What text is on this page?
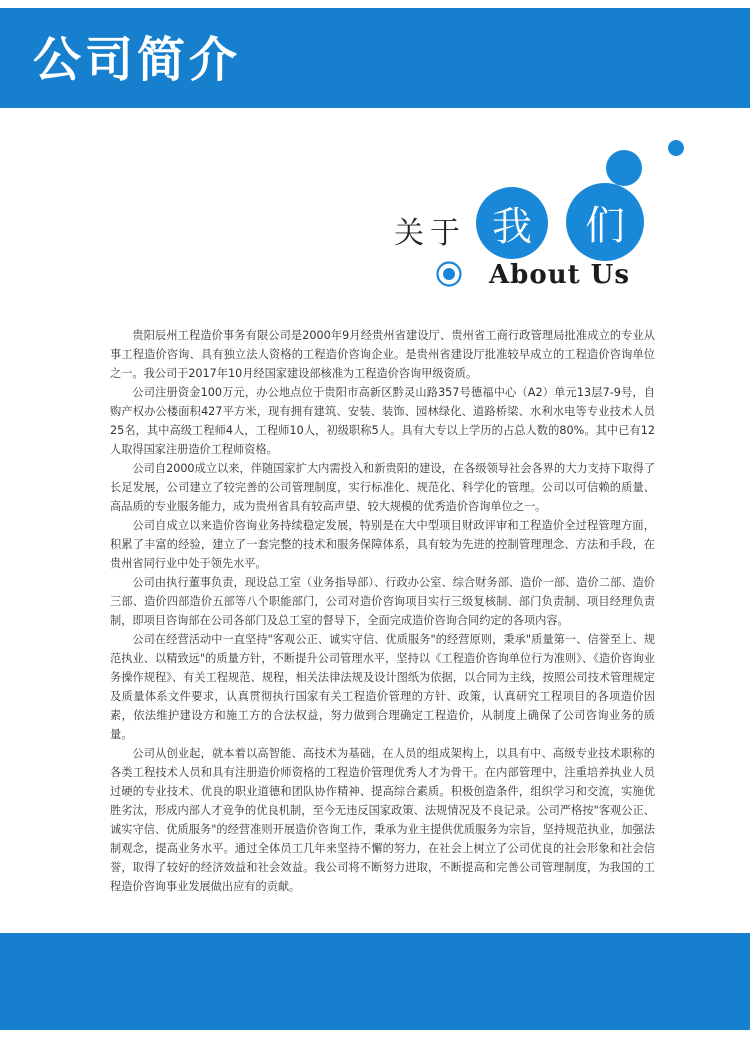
公司简介
关于 我	们
About Us

贵阳辰州工程造价事务有限公司是2000年9月经贵州省建设厅、贵州省工商行政管理局批准成立的专业从事工程造价咨询、具有独立法人资格的工程造价咨询企业。是贵州省建设厅批准较早成立的工程造价咨询单位之一。我公司于2017年10月经国家建设部核准为工程造价咨询甲级资质。

公司注册资金100万元，办公地点位于贵阳市高新区黔灵山路357号德福中心（A2）单元13层7-9号，自购产权办公楼面积427平方米，现有拥有建筑、安装、装饰、园林绿化、道路桥梁、水利水电等专业技术人员25名，其中高级工程师4人，工程师10人，初级职称5人。具有大专以上学历的占总人数的80%。其中已有12人取得国家注册造价工程师资格。

公司自2000成立以来，伴随国家扩大内需投入和新贵阳的建设，在各级领导社会各界的大力支持下取得了长足发展，公司建立了较完善的公司管理制度，实行标准化、规范化、科学化的管理。公司以可信赖的质量、高品质的专业服务能力，成为贵州省具有较高声望、较大规模的优秀造价咨询单位之一。

公司自成立以来造价咨询业务持续稳定发展，特别是在大中型项目财政评审和工程造价全过程管理方面，积累了丰富的经验，建立了一套完整的技术和服务保障体系，具有较为先进的控制管理理念、方法和手段，在贵州省同行业中处于领先水平。

公司由执行董事负责，现设总工室（业务指导部）、行政办公室、综合财务部、造价一部、造价二部、造价三部、造价四部造价五部等八个职能部门，公司对造价咨询项目实行三级复核制、部门负责制、项目经理负责制，即项目咨询部在公司各部门及总工室的督导下，全面完成造价咨询合同约定的各项内容。

公司在经营活动中一直坚持"客观公正、诚实守信、优质服务"的经营原则，秉承"质量第一、信誉至上、规范执业、以精致远"的质量方针，不断提升公司管理水平，坚持以《工程造价咨询单位行为准则》、《造价咨询业务操作规程》、有关工程规范、规程，相关法律法规及设计图纸为依据，以合同为主线，按照公司技术管理规定及质量体系文件要求，认真贯彻执行国家有关工程造价管理的方针、政策，认真研究工程项目的各项造价因素，依法维护建设方和施工方的合法权益，努力做到合理确定工程造价，从制度上确保了公司咨询业务的质量。

公司从创业起，就本着以高智能、高技术为基础，在人员的组成架构上，以具有中、高级专业技术职称的各类工程技术人员和具有注册造价师资格的工程造价管理优秀人才为骨干。在内部管理中，注重培养执业人员过硬的专业技术、优良的职业道德和团队协作精神、提高综合素质。积极创造条件，组织学习和交流，实施优胜劣汰，形成内部人才竞争的优良机制，至今无违反国家政策、法规情况及不良记录。公司严格按"客观公正、诚实守信、优质服务"的经营准则开展造价咨询工作，秉承为业主提供优质服务为宗旨，坚持规范执业，加强法制观念，提高业务水平。通过全体员工几年来坚持不懈的努力，在社会上树立了公司优良的社会形象和社会信誉，取得了较好的经济效益和社会效益。我公司将不断努力进取，不断提高和完善公司管理制度，为我国的工程造价咨询事业发展做出应有的贡献。
